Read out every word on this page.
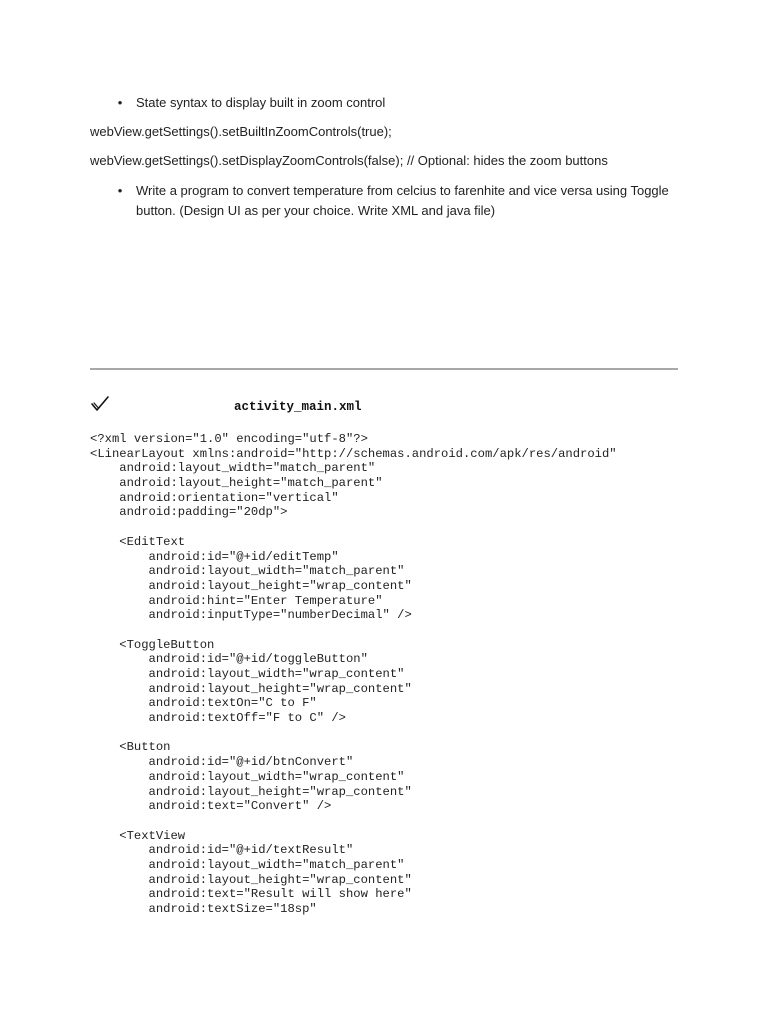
• State syntax to display built in zoom control
webView.getSettings().setBuiltInZoomControls(true);
webView.getSettings().setDisplayZoomControls(false); // Optional: hides the zoom buttons
• Write a program to convert temperature from celcius to farenhite and vice versa using Toggle button. (Design UI as per your choice. Write XML and java file)
activity_main.xml
<?xml version="1.0" encoding="utf-8"?>
<LinearLayout xmlns:android="http://schemas.android.com/apk/res/android"
android:layout_width="match_parent"
android:layout_height="match_parent"
android:orientation="vertical"
android:padding="20dp">
<EditText
android:id="@+id/editTemp"
android:layout_width="match_parent"
android:layout_height="wrap_content"
android:hint="Enter Temperature"
android:inputType="numberDecimal" />
<ToggleButton
android:id="@+id/toggleButton"
android:layout_width="wrap_content"
android:layout_height="wrap_content"
android:textOn="C to F"
android:textOff="F to C" />
<Button
android:id="@+id/btnConvert"
android:layout_width="wrap_content"
android:layout_height="wrap_content"
android:text="Convert" />
<TextView
android:id="@+id/textResult"
android:layout_width="match_parent"
android:layout_height="wrap_content"
android:text="Result will show here"
android:textSize="18sp"
